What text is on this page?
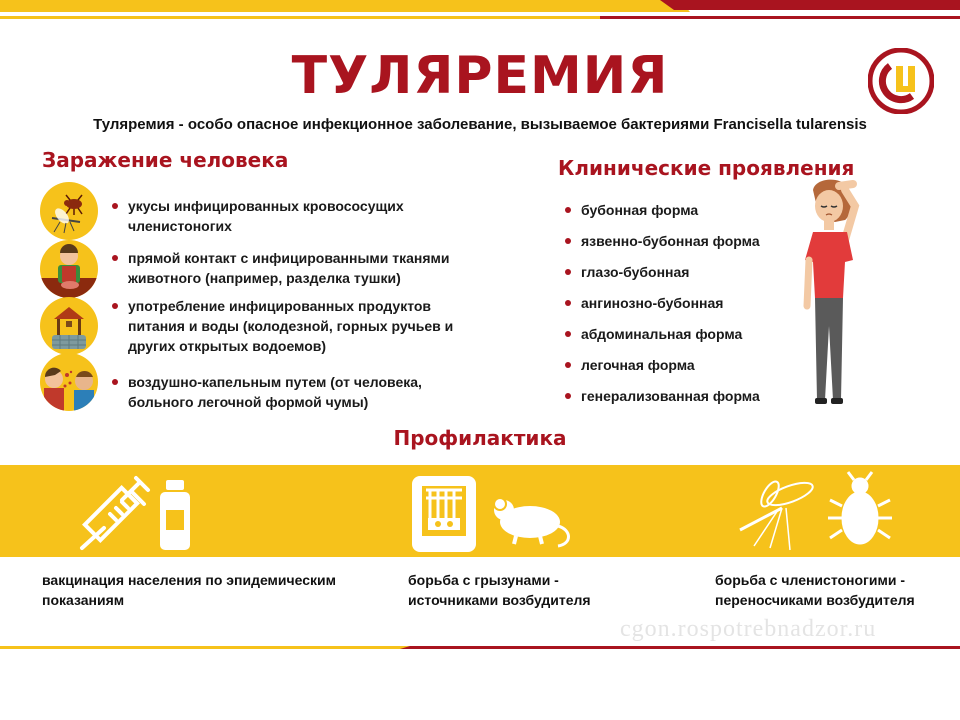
ТУЛЯРЕМИЯ
Туляремия - особо опасное инфекционное заболевание, вызываемое бактериями Francisella tularensis
Заражение человека
укусы инфицированных кровососущих членистоногих
прямой контакт с инфицированными тканями животного (например, разделка тушки)
употребление инфицированных продуктов питания и воды (колодезной, горных ручьев и других открытых водоемов)
воздушно-капельным путем (от человека, больного легочной формой чумы)
Клинические проявления
бубонная форма
язвенно-бубонная форма
глазо-бубонная
ангинозно-бубонная
абдоминальная форма
легочная форма
генерализованная форма
Профилактика
вакцинация населения по эпидемическим показаниям
борьба с грызунами - источниками возбудителя
борьба с членистоногими - переносчиками возбудителя
cgon.rospotrebnadzor.ru
